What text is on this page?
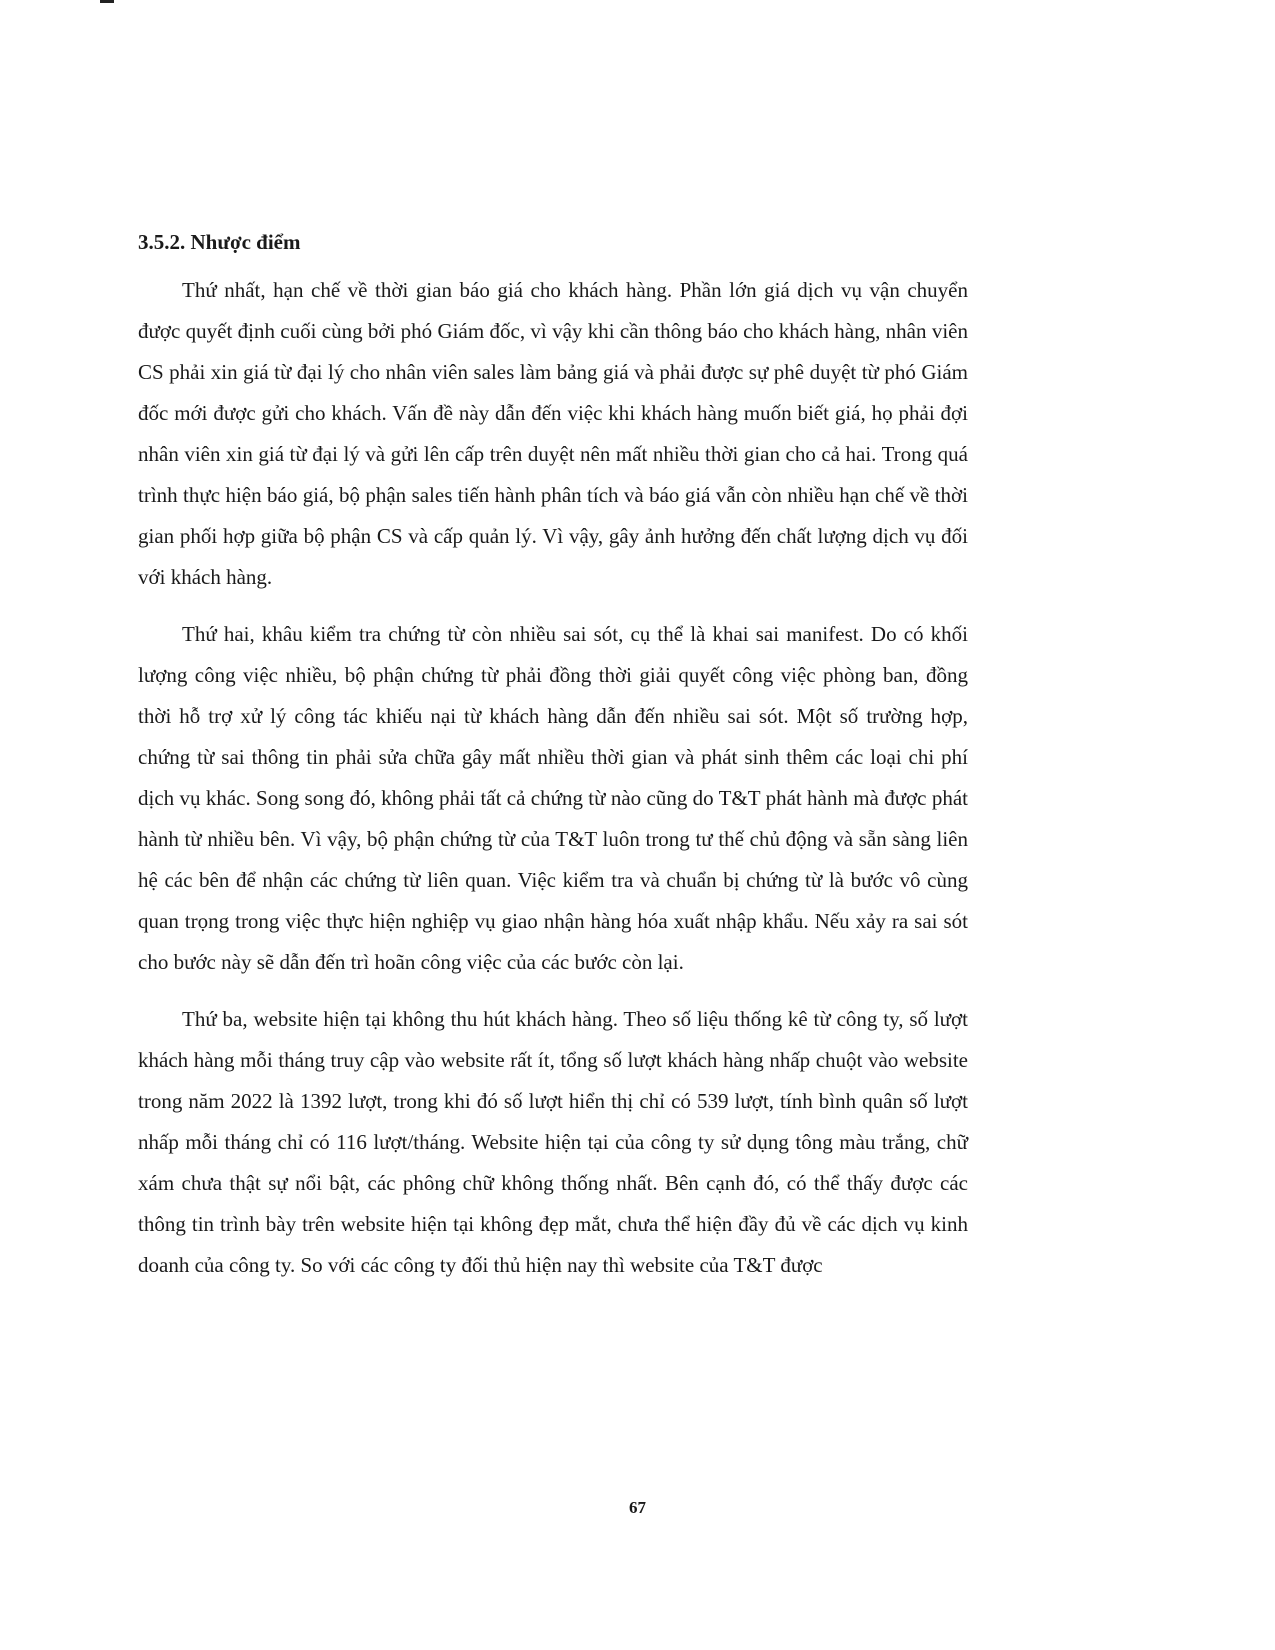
3.5.2. Nhược điểm

Thứ nhất, hạn chế về thời gian báo giá cho khách hàng. Phần lớn giá dịch vụ vận chuyển được quyết định cuối cùng bởi phó Giám đốc, vì vậy khi cần thông báo cho khách hàng, nhân viên CS phải xin giá từ đại lý cho nhân viên sales làm bảng giá và phải được sự phê duyệt từ phó Giám đốc mới được gửi cho khách. Vấn đề này dẫn đến việc khi khách hàng muốn biết giá, họ phải đợi nhân viên xin giá từ đại lý và gửi lên cấp trên duyệt nên mất nhiều thời gian cho cả hai. Trong quá trình thực hiện báo giá, bộ phận sales tiến hành phân tích và báo giá vẫn còn nhiều hạn chế về thời gian phối hợp giữa bộ phận CS và cấp quản lý. Vì vậy, gây ảnh hưởng đến chất lượng dịch vụ đối với khách hàng.

Thứ hai, khâu kiểm tra chứng từ còn nhiều sai sót, cụ thể là khai sai manifest. Do có khối lượng công việc nhiều, bộ phận chứng từ phải đồng thời giải quyết công việc phòng ban, đồng thời hỗ trợ xử lý công tác khiếu nại từ khách hàng dẫn đến nhiều sai sót. Một số trường hợp, chứng từ sai thông tin phải sửa chữa gây mất nhiều thời gian và phát sinh thêm các loại chi phí dịch vụ khác. Song song đó, không phải tất cả chứng từ nào cũng do T&T phát hành mà được phát hành từ nhiều bên. Vì vậy, bộ phận chứng từ của T&T luôn trong tư thế chủ động và sẵn sàng liên hệ các bên để nhận các chứng từ liên quan. Việc kiểm tra và chuẩn bị chứng từ là bước vô cùng quan trọng trong việc thực hiện nghiệp vụ giao nhận hàng hóa xuất nhập khẩu. Nếu xảy ra sai sót cho bước này sẽ dẫn đến trì hoãn công việc của các bước còn lại.

Thứ ba, website hiện tại không thu hút khách hàng. Theo số liệu thống kê từ công ty, số lượt khách hàng mỗi tháng truy cập vào website rất ít, tổng số lượt khách hàng nhấp chuột vào website trong năm 2022 là 1392 lượt, trong khi đó số lượt hiển thị chỉ có 539 lượt, tính bình quân số lượt nhấp mỗi tháng chỉ có 116 lượt/tháng. Website hiện tại của công ty sử dụng tông màu trắng, chữ xám chưa thật sự nổi bật, các phông chữ không thống nhất. Bên cạnh đó, có thể thấy được các thông tin trình bày trên website hiện tại không đẹp mắt, chưa thể hiện đầy đủ về các dịch vụ kinh doanh của công ty. So với các công ty đối thủ hiện nay thì website của T&T được

67
